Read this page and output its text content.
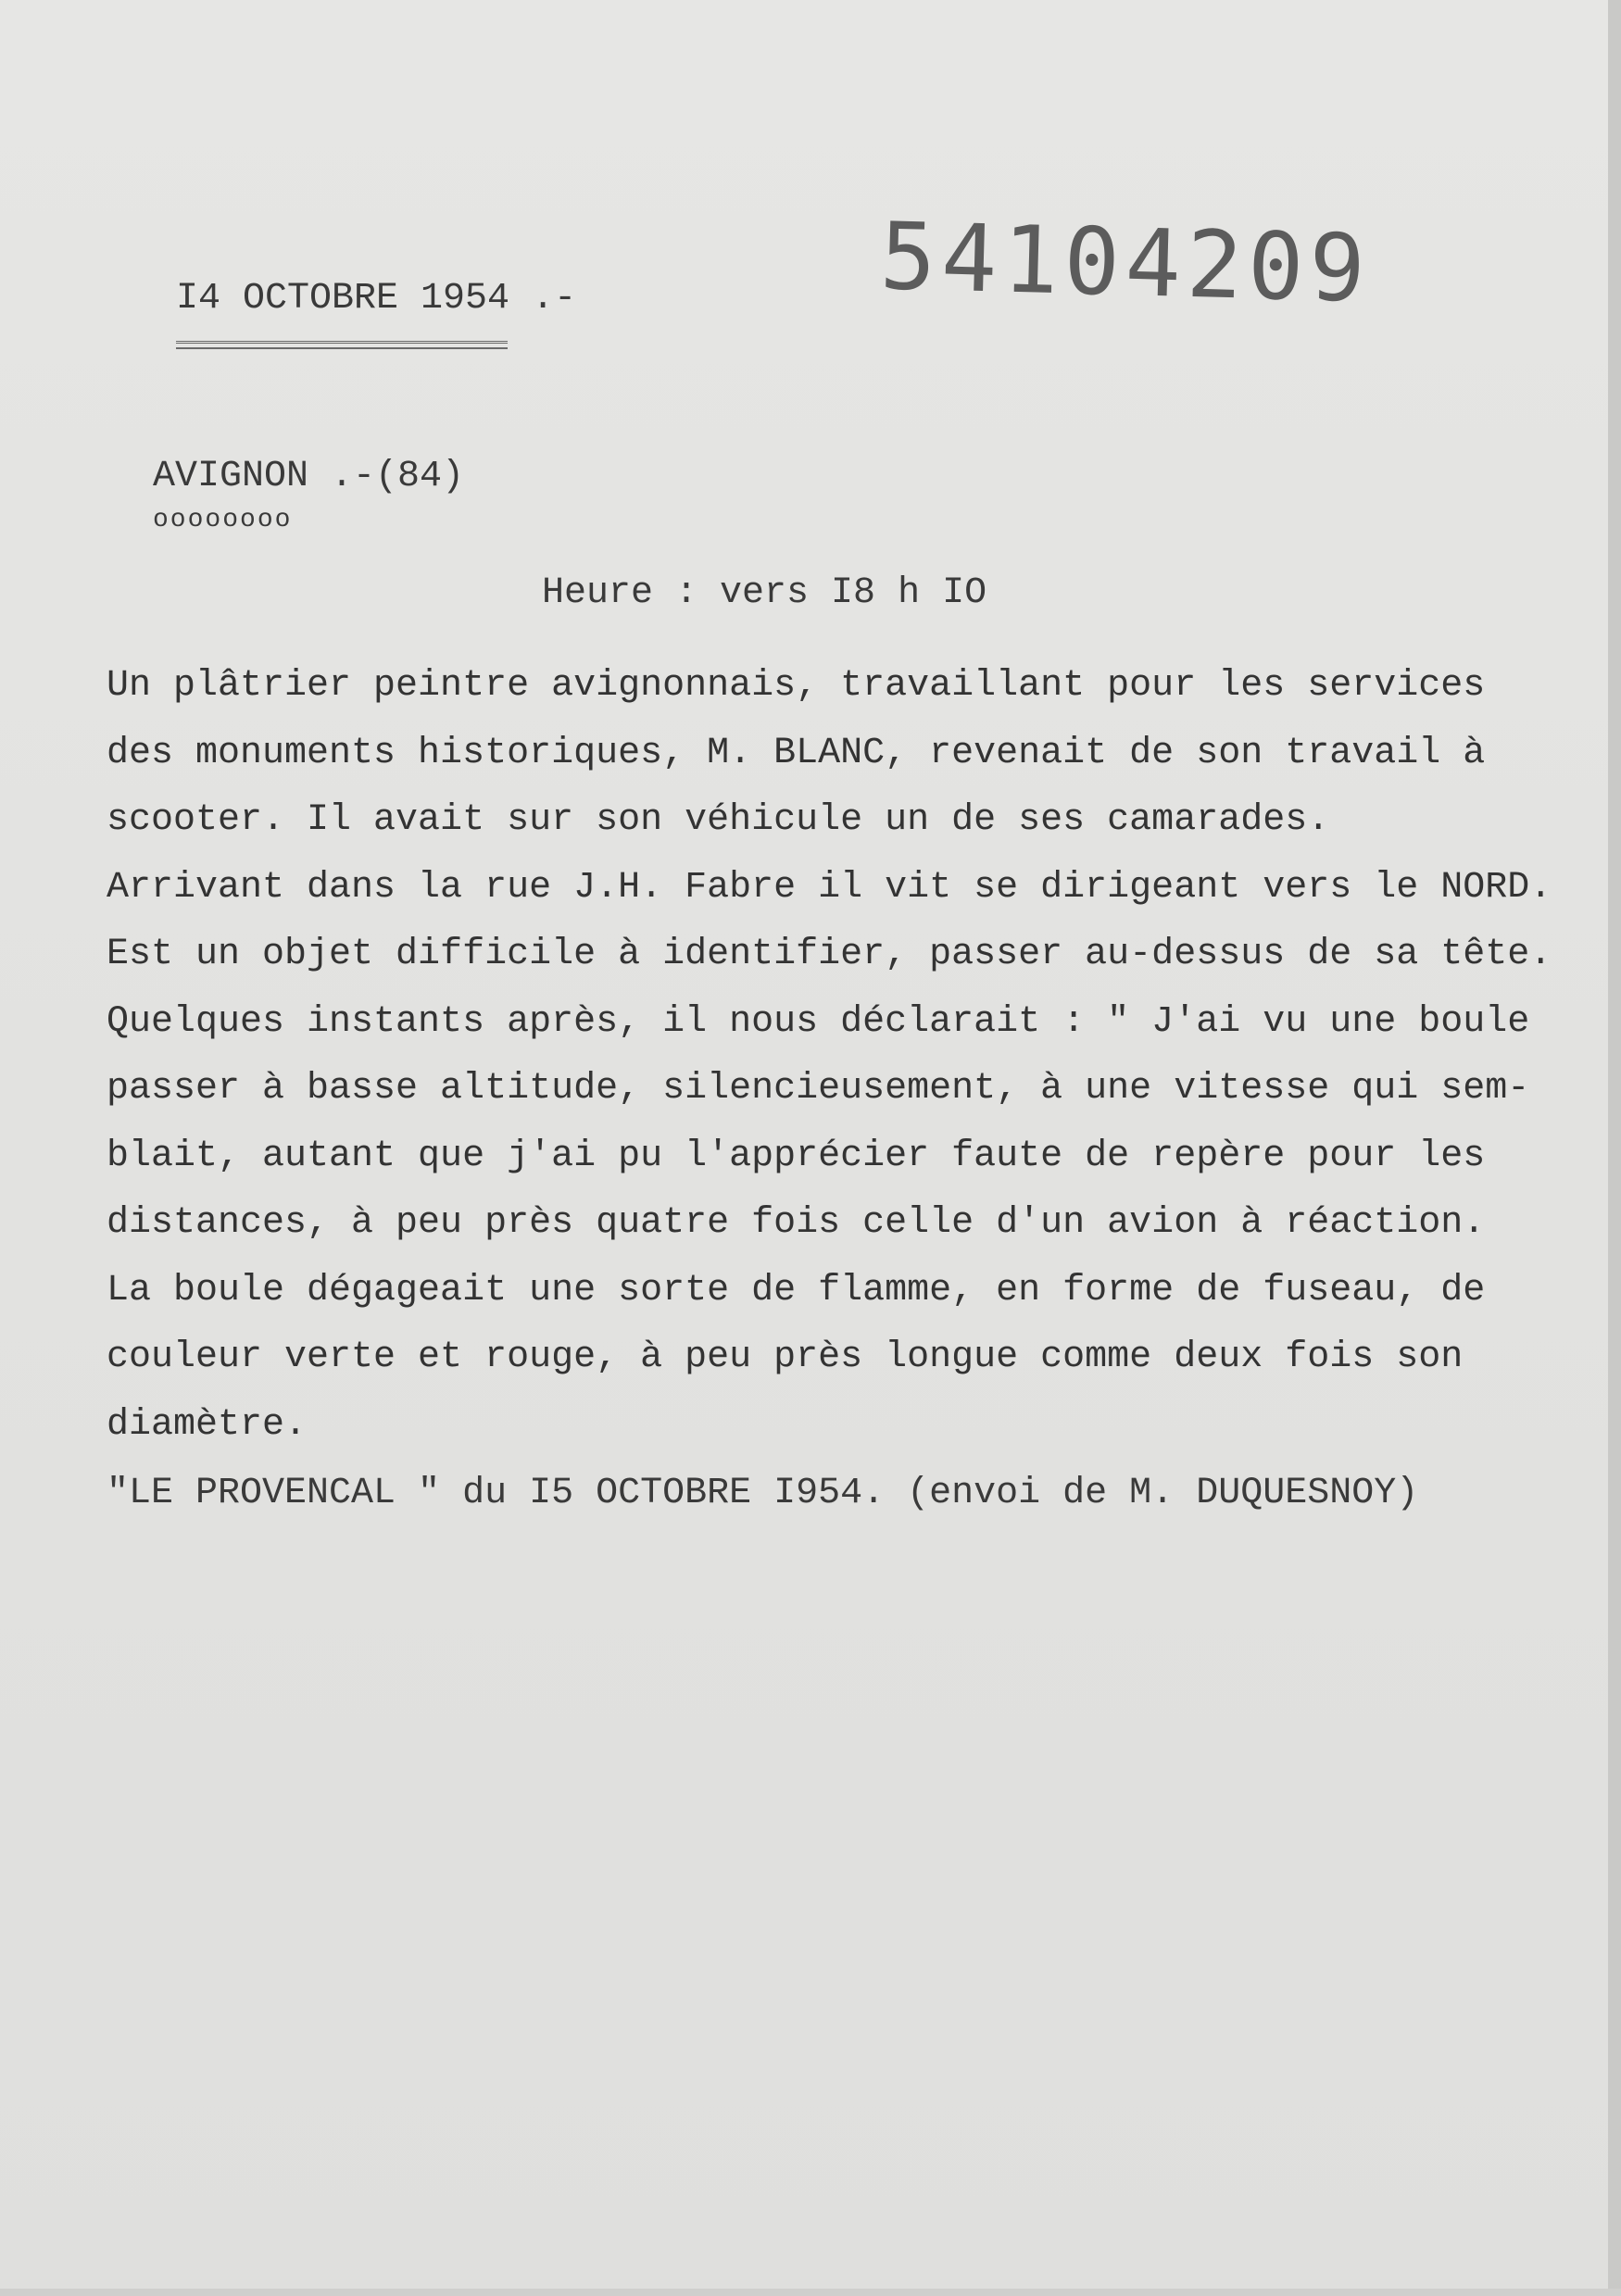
54104209
I4 OCTOBRE 1954 .-
AVIGNON .-(84)
oooooooo
Heure : vers I8 h IO
Un plâtrier peintre avignonnais, travaillant pour les services
des monuments historiques, M. BLANC, revenait de son travail à
scooter. Il avait sur son véhicule un de ses camarades.
Arrivant dans la rue J.H. Fabre il vit se dirigeant vers le NORD.
Est un objet difficile à identifier, passer au-dessus de sa tête.
Quelques instants après, il nous déclarait : " J'ai vu une boule
passer à basse altitude, silencieusement, à une vitesse qui sem-
blait, autant que j'ai pu l'apprécier faute de repère pour les
distances, à peu près quatre fois celle d'un avion à réaction.
La boule dégageait une sorte de flamme, en forme de fuseau, de
couleur verte et rouge, à peu près longue comme deux fois son
diamètre.
"LE PROVENCAL " du I5 OCTOBRE I954. (envoi de M. DUQUESNOY)
